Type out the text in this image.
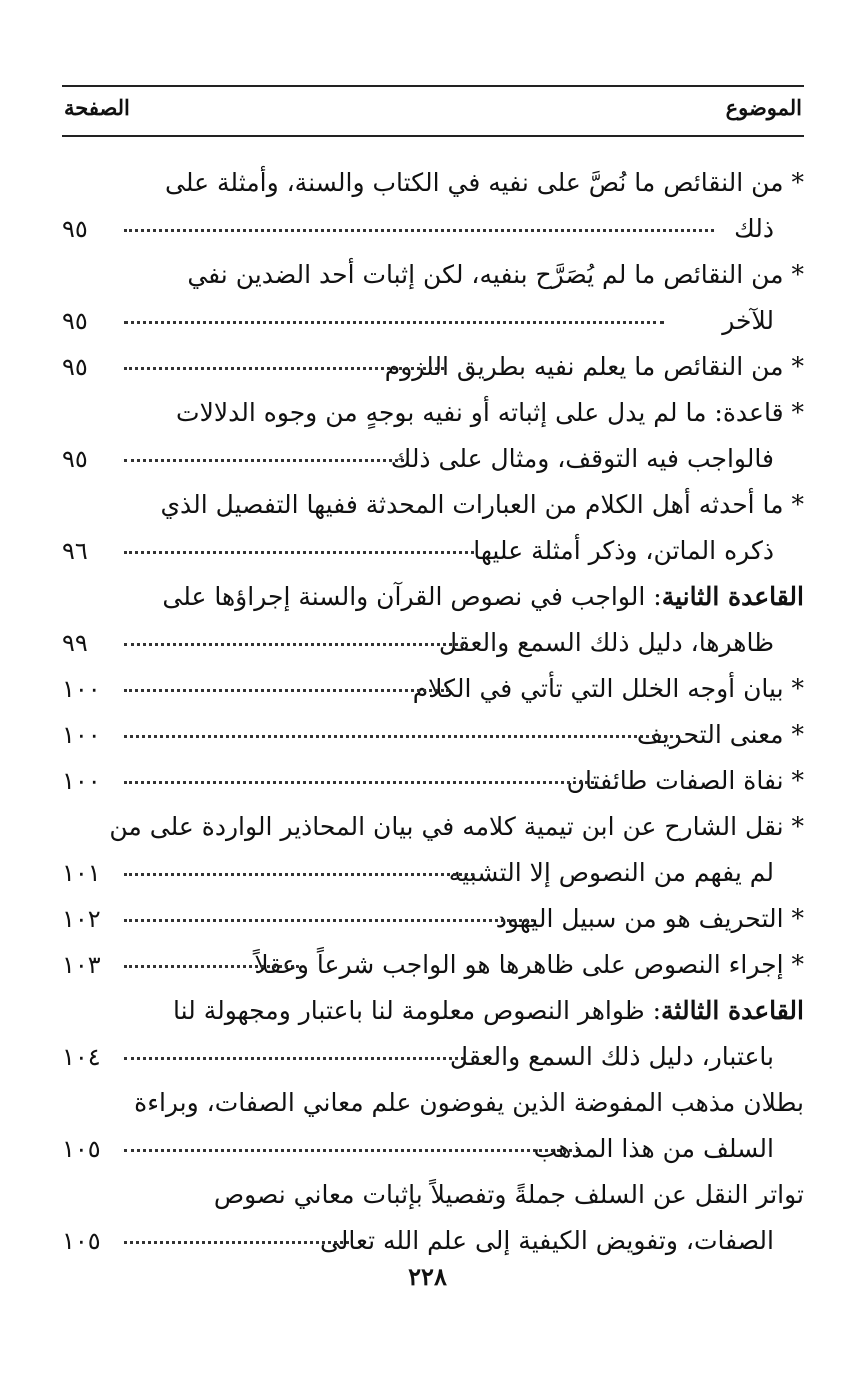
الموضوع
الصفحة
* من النقائص ما نُصَّ على نفيه في الكتاب والسنة، وأمثلة على
ذلك
٩٥
* من النقائص ما لم يُصَرَّح بنفيه، لكن إثبات أحد الضدين نفي
للآخر
٩٥
* من النقائص ما يعلم نفيه بطريق اللزوم
٩٥
* قاعدة: ما لم يدل على إثباته أو نفيه بوجهٍ من وجوه الدلالات
فالواجب فيه التوقف، ومثال على ذلك
٩٥
* ما أحدثه أهل الكلام من العبارات المحدثة ففيها التفصيل الذي
ذكره الماتن، وذكر أمثلة عليها
٩٦
القاعدة الثانية: الواجب في نصوص القرآن والسنة إجراؤها على
ظاهرها، دليل ذلك السمع والعقل
٩٩
* بيان أوجه الخلل التي تأتي في الكلام
١٠٠
* معنى التحريف
١٠٠
* نفاة الصفات طائفتان
١٠٠
* نقل الشارح عن ابن تيمية كلامه في بيان المحاذير الواردة على من
لم يفهم من النصوص إلا التشبيه
١٠١
* التحريف هو من سبيل اليهود
١٠٢
* إجراء النصوص على ظاهرها هو الواجب شرعاً وعقلاً
١٠٣
القاعدة الثالثة: ظواهر النصوص معلومة لنا باعتبار ومجهولة لنا
باعتبار، دليل ذلك السمع والعقل
١٠٤
بطلان مذهب المفوضة الذين يفوضون علم معاني الصفات، وبراءة
السلف من هذا المذهب
١٠٥
تواتر النقل عن السلف جملةً وتفصيلاً بإثبات معاني نصوص
الصفات، وتفويض الكيفية إلى علم الله تعالى
١٠٥
٢٢٨
